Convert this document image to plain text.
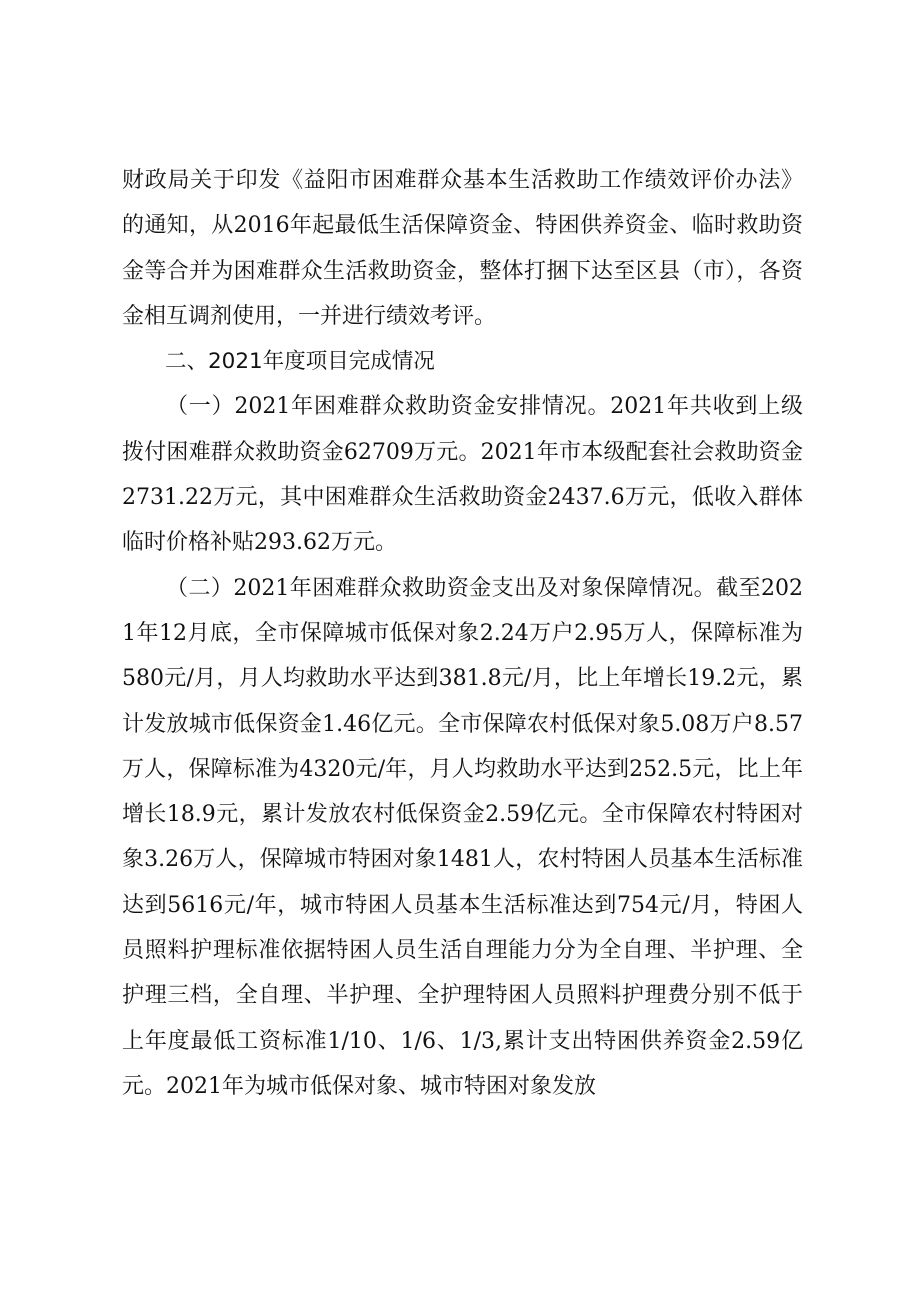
财政局关于印发《益阳市困难群众基本生活救助工作绩效评价办法》的通知，从2016年起最低生活保障资金、特困供养资金、临时救助资金等合并为困难群众生活救助资金，整体打捆下达至区县（市），各资金相互调剂使用，一并进行绩效考评。

二、2021年度项目完成情况

（一）2021年困难群众救助资金安排情况。2021年共收到上级拨付困难群众救助资金62709万元。2021年市本级配套社会救助资金2731.22万元，其中困难群众生活救助资金2437.6万元，低收入群体临时价格补贴293.62万元。

（二）2021年困难群众救助资金支出及对象保障情况。截至2021年12月底，全市保障城市低保对象2.24万户2.95万人，保障标准为580元/月，月人均救助水平达到381.8元/月，比上年增长19.2元，累计发放城市低保资金1.46亿元。全市保障农村低保对象5.08万户8.57万人，保障标准为4320元/年，月人均救助水平达到252.5元，比上年增长18.9元，累计发放农村低保资金2.59亿元。全市保障农村特困对象3.26万人，保障城市特困对象1481人，农村特困人员基本生活标准达到5616元/年，城市特困人员基本生活标准达到754元/月，特困人员照料护理标准依据特困人员生活自理能力分为全自理、半护理、全护理三档，全自理、半护理、全护理特困人员照料护理费分别不低于上年度最低工资标准1/10、1/6、1/3,累计支出特困供养资金2.59亿元。2021年为城市低保对象、城市特困对象发放
